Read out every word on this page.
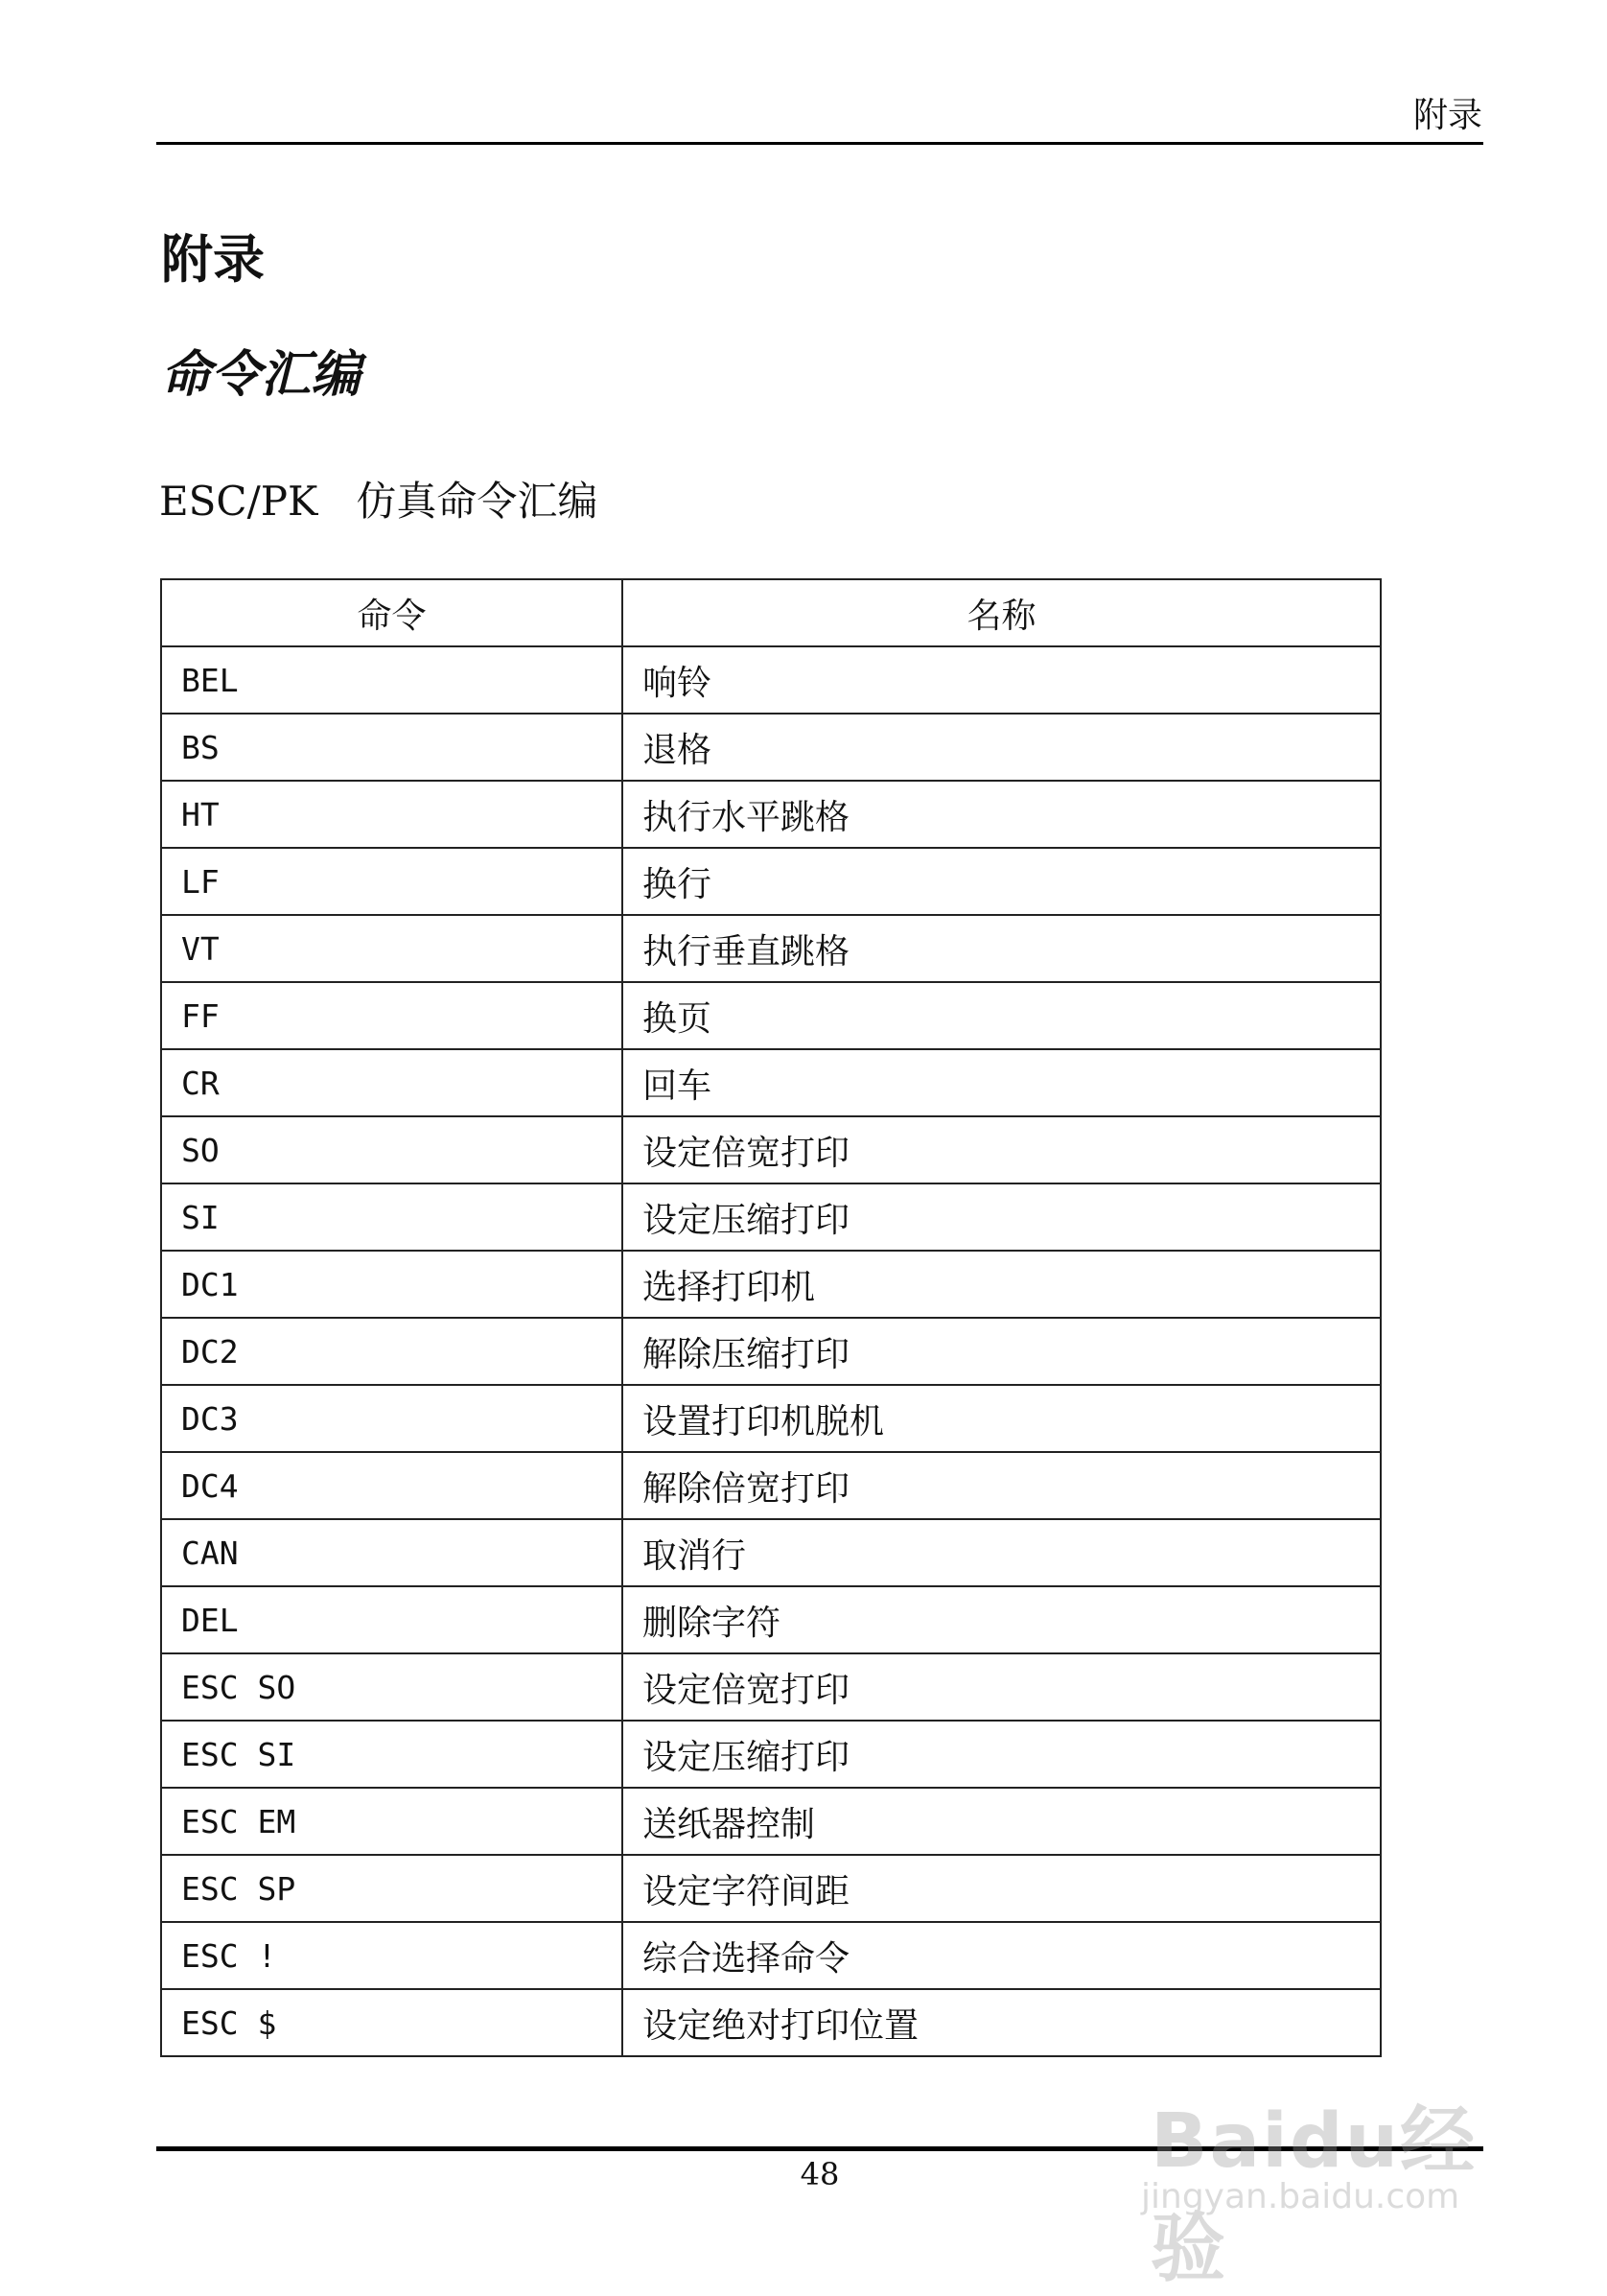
附录
附录
命令汇编
ESC/PK   仿真命令汇编
命令	名称
BEL	响铃
BS	退格
HT	执行水平跳格
LF	换行
VT	执行垂直跳格
FF	换页
CR	回车
SO	设定倍宽打印
SI	设定压缩打印
DC1	选择打印机
DC2	解除压缩打印
DC3	设置打印机脱机
DC4	解除倍宽打印
CAN	取消行
DEL	删除字符
ESC SO	设定倍宽打印
ESC SI	设定压缩打印
ESC EM	送纸器控制
ESC SP	设定字符间距
ESC !	综合选择命令
ESC $	设定绝对打印位置
48	Baidu经验
jingyan.baidu.com
